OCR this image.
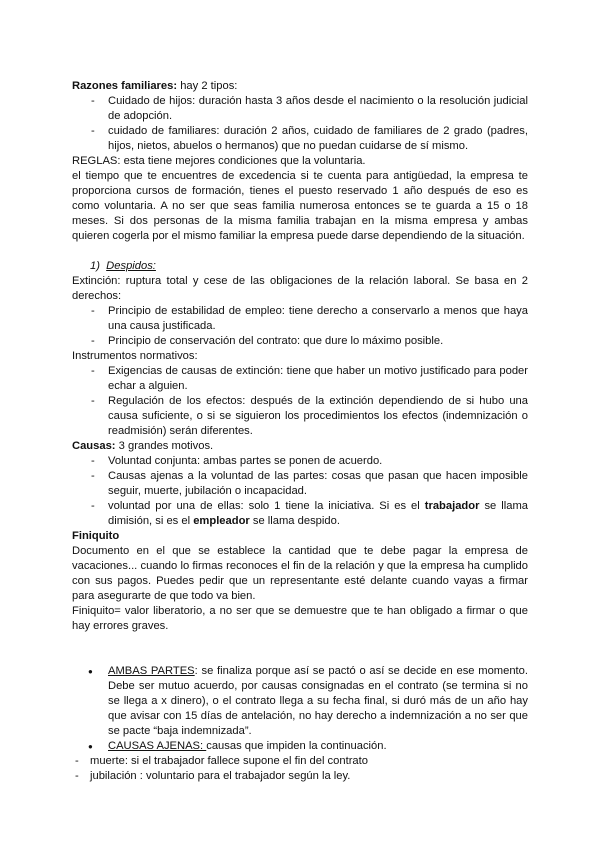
Razones familiares: hay 2 tipos:

- Cuidado de hijos: duración hasta 3 años desde el nacimiento o la resolución judicial de adopción.
- cuidado de familiares: duración 2 años, cuidado de familiares de 2 grado (padres, hijos, nietos, abuelos o hermanos) que no puedan cuidarse de sí mismo.

REGLAS: esta tiene mejores condiciones que la voluntaria.

el tiempo que te encuentres de excedencia si te cuenta para antigüedad, la empresa te proporciona cursos de formación, tienes el puesto reservado 1 año después de eso es como voluntaria. A no ser que seas familia numerosa entonces se te guarda a 15 o 18 meses. Si dos personas de la misma familia trabajan en la misma empresa y ambas quieren cogerla por el mismo familiar la empresa puede darse dependiendo de la situación.

1) Despidos:

Extinción: ruptura total y cese de las obligaciones de la relación laboral. Se basa en 2 derechos:

- Principio de estabilidad de empleo: tiene derecho a conservarlo a menos que haya una causa justificada.
- Principio de conservación del contrato: que dure lo máximo posible.

Instrumentos normativos:

- Exigencias de causas de extinción: tiene que haber un motivo justificado para poder echar a alguien.
- Regulación de los efectos: después de la extinción dependiendo de si hubo una causa suficiente, o si se siguieron los procedimientos los efectos (indemnización o readmisión) serán diferentes.

Causas: 3 grandes motivos.

- Voluntad conjunta: ambas partes se ponen de acuerdo.
- Causas ajenas a la voluntad de las partes: cosas que pasan que hacen imposible seguir, muerte, jubilación o incapacidad.
- voluntad por una de ellas: solo 1 tiene la iniciativa. Si es el trabajador se llama dimisión, si es el empleador se llama despido.

Finiquito

Documento en el que se establece la cantidad que te debe pagar la empresa de vacaciones... cuando lo firmas reconoces el fin de la relación y que la empresa ha cumplido con sus pagos. Puedes pedir que un representante esté delante cuando vayas a firmar para asegurarte de que todo va bien.

Finiquito= valor liberatorio, a no ser que se demuestre que te han obligado a firmar o que hay errores graves.

● AMBAS PARTES: se finaliza porque así se pactó o así se decide en ese momento. Debe ser mutuo acuerdo, por causas consignadas en el contrato (se termina si no se llega a x dinero), o el contrato llega a su fecha final, si duró más de un año hay que avisar con 15 días de antelación, no hay derecho a indemnización a no ser que se pacte “baja indemnizada”.
● CAUSAS AJENAS: causas que impiden la continuación.
- muerte: si el trabajador fallece supone el fin del contrato
- jubilación : voluntario para el trabajador según la ley.
